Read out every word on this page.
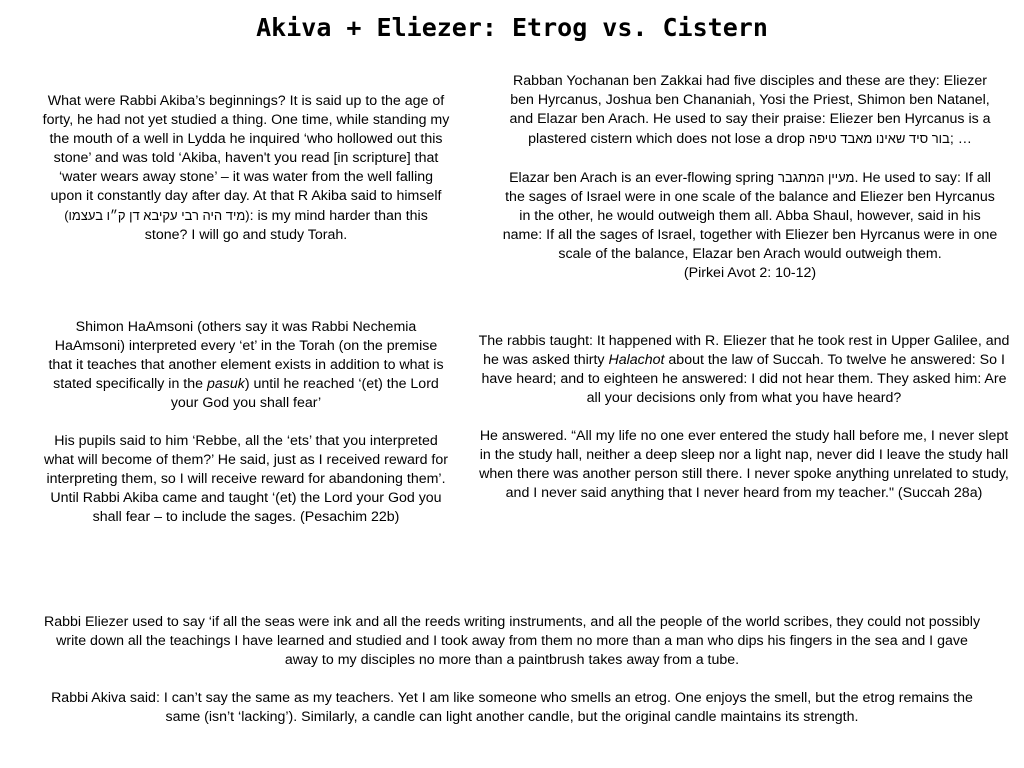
Akiva + Eliezer: Etrog vs. Cistern

What were Rabbi Akiba’s beginnings? It is said up to the age of forty, he had not yet studied a thing. One time, while standing my the mouth of a well in Lydda he inquired ‘who hollowed out this stone’ and was told ‘Akiba, haven't you read [in scripture] that ‘water wears away stone’ – it was water from the well falling upon it constantly day after day. At that R Akiba said to himself (מיד היה רבי עקיבא דן ק״ו בעצמו): is my mind harder than this stone? I will go and study Torah.

Rabban Yochanan ben Zakkai had five disciples and these are they: Eliezer ben Hyrcanus, Joshua ben Chananiah, Yosi the Priest, Shimon ben Natanel, and Elazar ben Arach. He used to say their praise: Eliezer ben Hyrcanus is a plastered cistern which does not lose a drop בור סיד שאינו מאבד טיפה; …

Elazar ben Arach is an ever-flowing spring מעיין המתגבר. He used to say: If all the sages of Israel were in one scale of the balance and Eliezer ben Hyrcanus in the other, he would outweigh them all. Abba Shaul, however, said in his name: If all the sages of Israel, together with Eliezer ben Hyrcanus were in one scale of the balance, Elazar ben Arach would outweigh them.
(Pirkei Avot 2: 10-12)

Shimon HaAmsoni (others say it was Rabbi Nechemia HaAmsoni) interpreted every ‘et’ in the Torah (on the premise that it teaches that another element exists in addition to what is stated specifically in the pasuk) until he reached ‘(et) the Lord your God you shall fear’

His pupils said to him ‘Rebbe, all the ‘ets’ that you interpreted what will become of them?’ He said, just as I received reward for interpreting them, so I will receive reward for abandoning them’. Until Rabbi Akiba came and taught ‘(et) the Lord your God you shall fear – to include the sages. (Pesachim 22b)

The rabbis taught: It happened with R. Eliezer that he took rest in Upper Galilee, and he was asked thirty Halachot about the law of Succah. To twelve he answered: So I have heard; and to eighteen he answered: I did not hear them. They asked him: Are all your decisions only from what you have heard?

He answered. “All my life no one ever entered the study hall before me, I never slept in the study hall, neither a deep sleep nor a light nap, never did I leave the study hall when there was another person still there. I never spoke anything unrelated to study, and I never said anything that I never heard from my teacher." (Succah 28a)

Rabbi Eliezer used to say ‘if all the seas were ink and all the reeds writing instruments, and all the people of the world scribes, they could not possibly write down all the teachings I have learned and studied and I took away from them no more than a man who dips his fingers in the sea and I gave away to my disciples no more than a paintbrush takes away from a tube.

Rabbi Akiva said: I can’t say the same as my teachers. Yet I am like someone who smells an etrog. One enjoys the smell, but the etrog remains the same (isn’t ‘lacking’). Similarly, a candle can light another candle, but the original candle maintains its strength.
